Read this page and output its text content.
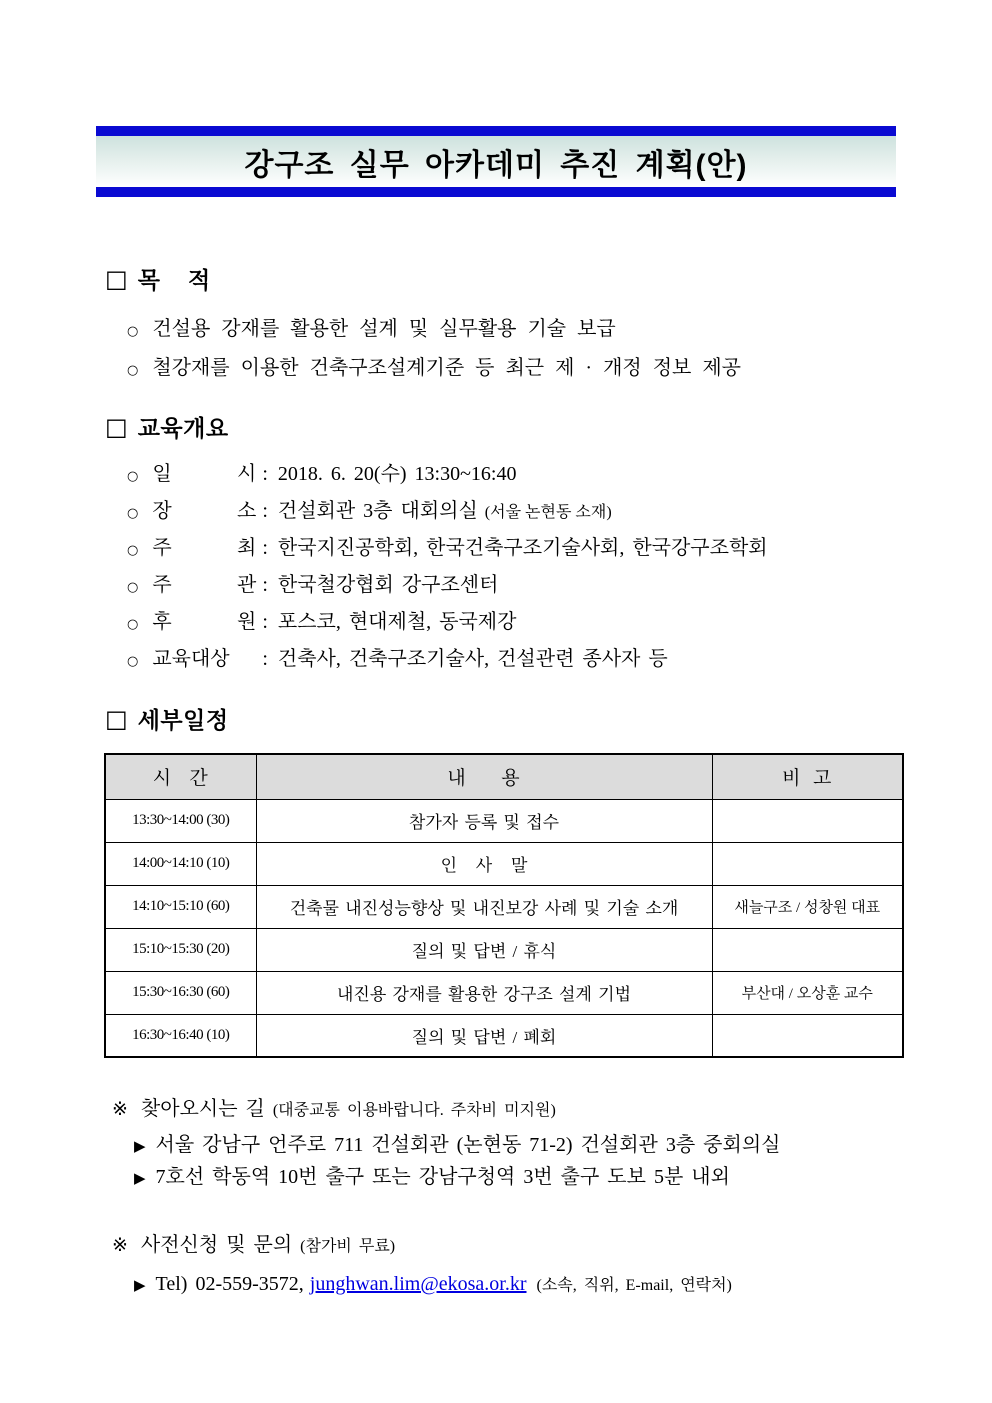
강구조 실무 아카데미 추진 계획(안)
□ 목    적
○ 건설용 강재를 활용한 설계 및 실무활용 기술 보급
○ 철강재를 이용한 건축구조설계기준 등 최근 제 · 개정 정보 제공
□ 교육개요
○ 일 시 : 2018. 6. 20(수) 13:30~16:40
○ 장 소 : 건설회관 3층 대회의실 (서울 논현동 소재)
○ 주 최 : 한국지진공학회, 한국건축구조기술사회, 한국강구조학회
○ 주 관 : 한국철강협회 강구조센터
○ 후 원 : 포스코, 현대제철, 동국제강
○ 교육대상	: 건축사, 건축구조기술사, 건설관련 종사자 등
□ 세부일정
시   간	내      용	비  고
13:30~14:00 (30)	참가자 등록 및 접수	
14:00~14:10 (10)	인   사   말	
14:10~15:10 (60)	건축물 내진성능향상 및 내진보강 사례 및 기술 소개	새늘구조 / 성창원 대표
15:10~15:30 (20)	질의 및 답변 / 휴식	
15:30~16:30 (60)	내진용 강재를 활용한 강구조 설계 기법	부산대 / 오상훈 교수
16:30~16:40 (10)	질의 및 답변 / 폐회	
※ 찾아오시는 길 (대중교통 이용바랍니다. 주차비 미지원)
▶ 서울 강남구 언주로 711 건설회관 (논현동 71-2) 건설회관 3층 중회의실
▶ 7호선 학동역 10번 출구 또는 강남구청역 3번 출구 도보 5분 내외
※ 사전신청 및 문의 (참가비 무료)
▶ Tel) 02-559-3572, junghwan.lim@ekosa.or.kr (소속, 직위, E-mail, 연락처)
